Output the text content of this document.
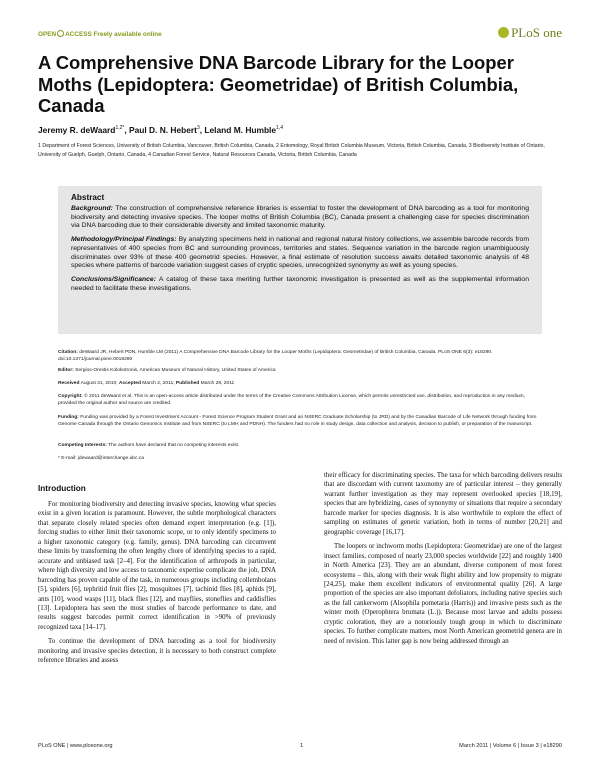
OPEN ACCESS Freely available online	PLoS one
A Comprehensive DNA Barcode Library for the Looper Moths (Lepidoptera: Geometridae) of British Columbia, Canada
Jeremy R. deWaard$^{1,2*}$, Paul D. N. Hebert$^3$, Leland M. Humble$^{1,4}$
1 Department of Forest Sciences, University of British Columbia, Vancouver, British Columbia, Canada, 2 Entomology, Royal British Columbia Museum, Victoria, British Columbia, Canada, 3 Biodiversity Institute of Ontario, University of Guelph, Guelph, Ontario, Canada, 4 Canadian Forest Service, Natural Resources Canada, Victoria, British Columbia, Canada
Abstract

Background: The construction of comprehensive reference libraries is essential to foster the development of DNA barcoding as a tool for monitoring biodiversity and detecting invasive species. The looper moths of British Columbia (BC), Canada present a challenging case for species discrimination via DNA barcoding due to their considerable diversity and limited taxonomic maturity.

Methodology/Principal Findings: By analyzing specimens held in national and regional natural history collections, we assemble barcode records from representatives of 400 species from BC and surrounding provinces, territories and states. Sequence variation in the barcode region unambiguously discriminates over 93% of these 400 geometrid species. However, a final estimate of resolution success awaits detailed taxonomic analysis of 48 species where patterns of barcode variation suggest cases of cryptic species, unrecognized synonymy as well as young species.

Conclusions/Significance: A catalog of these taxa meriting further taxonomic investigation is presented as well as the supplemental information needed to facilitate these investigations.

Citation: deWaard JR, Hebert PDN, Humble LM (2011) A Comprehensive DNA Barcode Library for the Looper Moths (Lepidoptera: Geometridae) of British Columbia, Canada. PLoS ONE 6(3): e18290. doi:10.1371/journal.pone.0018290
Editor: Sergios-Orestis Kolokotronis, American Museum of Natural History, United States of America
Received August 31, 2010; Accepted March 2, 2011; Published March 28, 2011
Copyright: © 2011 deWaard et al. This is an open-access article distributed under the terms of the Creative Commons Attribution License, which permits unrestricted use, distribution, and reproduction in any medium, provided the original author and source are credited.
Funding: Funding was provided by a Forest Investment Account - Forest Science Program Student Grant and an NSERC Graduate Scholarship (to JRD) and by the Canadian Barcode of Life Network through funding from Genome Canada through the Ontario Genomics Institute and from NSERC (to LMH and PDNH). The funders had no role in study design, data collection and analysis, decision to publish, or preparation of the manuscript.
Competing Interests: The authors have declared that no competing interests exist.
* E-mail: jdewaard@interchange.ubc.ca
Introduction

For monitoring biodiversity and detecting invasive species, knowing what species exist in a given location is paramount. However, the subtle morphological characters that separate closely related species often demand expert interpretation (e.g. [1]), forcing studies to either limit their taxonomic scope, or to only identify specimens to a higher taxonomic category (e.g. family, genus). DNA barcoding can circumvent these limits by transforming the often lengthy chore of identifying species to a rapid, accurate and unbiased task [2–4]. For the identification of arthropods in particular, where high diversity and low access to taxonomic expertise complicate the job, DNA barcoding has proven capable of the task, in numerous groups including collembolans [5], spiders [6], tephritid fruit flies [2], mosquitoes [7], tachinid flies [8], aphids [9], ants [10], wood wasps [11], black flies [12], and mayflies, stoneflies and caddisflies [13]. Lepidoptera has seen the most studies of barcode performance to date, and results suggest barcodes permit correct identification in >90% of previously recognized taxa [14–17].

To continue the development of DNA barcoding as a tool for biodiversity monitoring and invasive species detection, it is necessary to both construct complete reference libraries and assess

their efficacy for discriminating species. The taxa for which barcoding delivers results that are discordant with current taxonomy are of particular interest – they generally warrant further investigation as they may represent overlooked species [18,19], species that are hybridizing, cases of synonymy or situations that require a secondary barcode marker for species diagnosis. It is also worthwhile to explore the effect of sampling on estimates of genetic variation, both in terms of number [20,21] and geographic coverage [16,17].

The loopers or inchworm moths (Lepidoptera: Geometridae) are one of the largest insect families, composed of nearly 23,000 species worldwide [22] and roughly 1400 in North America [23]. They are an abundant, diverse component of most forest ecosystems – this, along with their weak flight ability and low propensity to migrate [24,25], make them excellent indicators of environmental quality [26]. A large proportion of the species are also important defoliators, including native species such as the fall cankerworm (Alsophila pometaria (Harris)) and invasive pests such as the winter moth (Operophtera brumata (L.)). Because most larvae and adults possess cryptic coloration, they are a notoriously tough group in which to discriminate species. To further complicate matters, most North American geometrid genera are in need of revision. This latter gap is now being addressed through an

PLoS ONE | www.plosone.org	1	March 2011 | Volume 6 | Issue 3 | e18290
